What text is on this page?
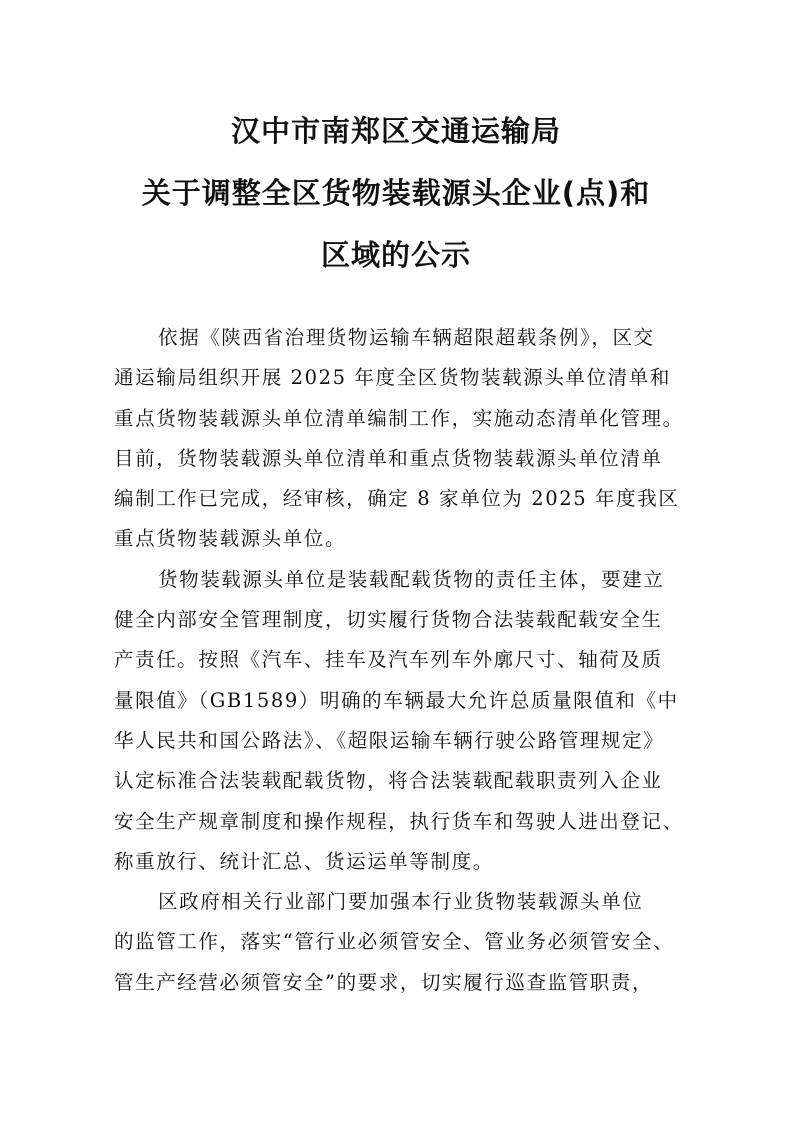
汉中市南郑区交通运输局
关于调整全区货物装载源头企业(点)和
区域的公示
依据《陕西省治理货物运输车辆超限超载条例》，区交
通运输局组织开展 2025 年度全区货物装载源头单位清单和
重点货物装载源头单位清单编制工作，实施动态清单化管理。
目前，货物装载源头单位清单和重点货物装载源头单位清单
编制工作已完成，经审核，确定 8 家单位为 2025 年度我区
重点货物装载源头单位。
货物装载源头单位是装载配载货物的责任主体，要建立
健全内部安全管理制度，切实履行货物合法装载配载安全生
产责任。按照《汽车、挂车及汽车列车外廓尺寸、轴荷及质
量限值》（GB1589）明确的车辆最大允许总质量限值和《中
华人民共和国公路法》、《超限运输车辆行驶公路管理规定》
认定标准合法装载配载货物，将合法装载配载职责列入企业
安全生产规章制度和操作规程，执行货车和驾驶人进出登记、
称重放行、统计汇总、货运运单等制度。
区政府相关行业部门要加强本行业货物装载源头单位
的监管工作，落实“管行业必须管安全、管业务必须管安全、
管生产经营必须管安全”的要求，切实履行巡查监管职责，
